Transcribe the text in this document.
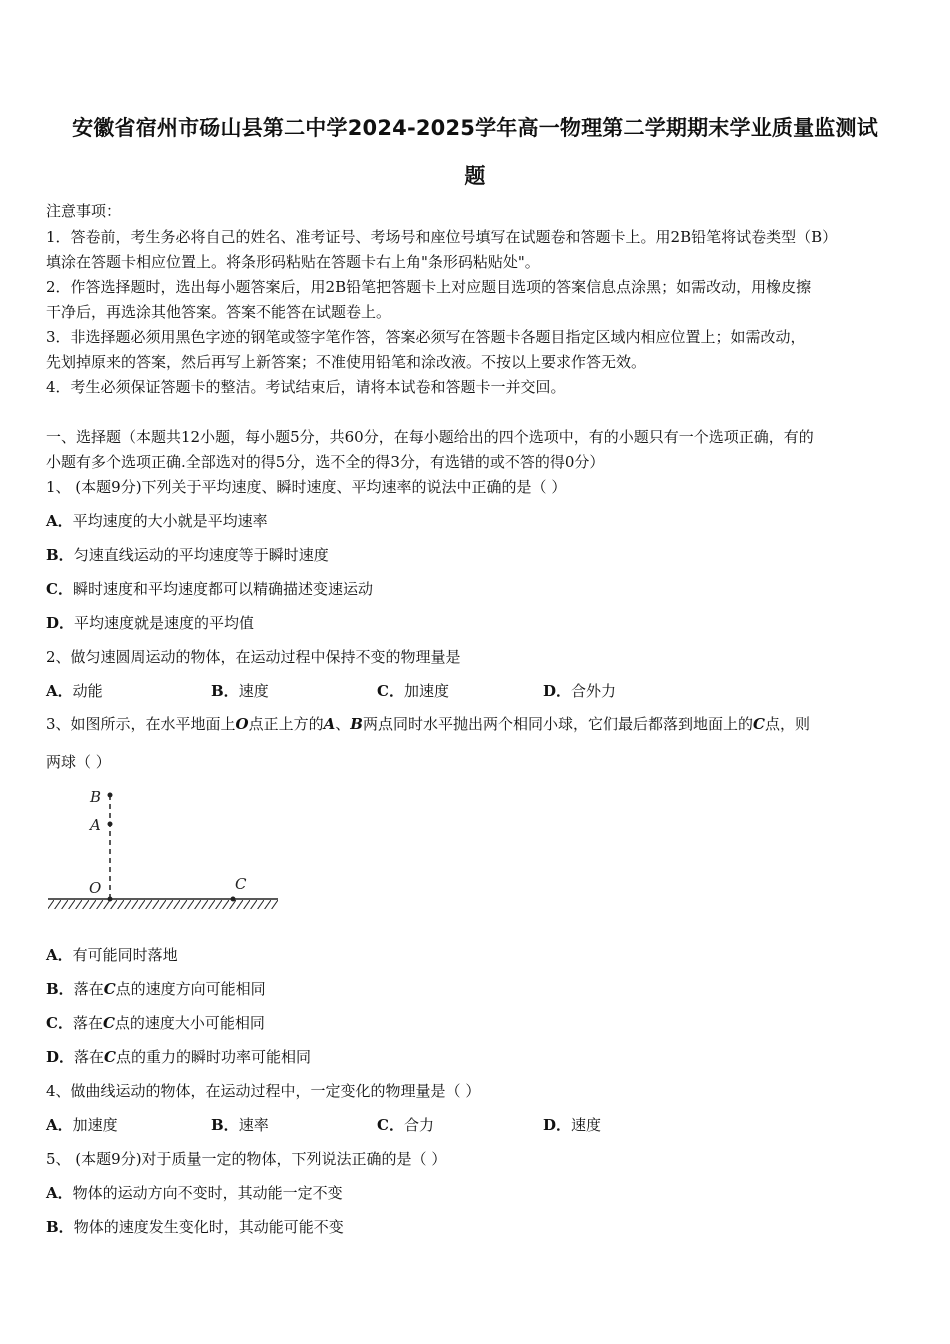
安徽省宿州市砀山县第二中学2024-2025学年高一物理第二学期期末学业质量监测试
题
注意事项：
1．答卷前，考生务必将自己的姓名、准考证号、考场号和座位号填写在试题卷和答题卡上。用2B铅笔将试卷类型（B）
填涂在答题卡相应位置上。将条形码粘贴在答题卡右上角"条形码粘贴处"。
2．作答选择题时，选出每小题答案后，用2B铅笔把答题卡上对应题目选项的答案信息点涂黑；如需改动，用橡皮擦
干净后，再选涂其他答案。答案不能答在试题卷上。
3．非选择题必须用黑色字迹的钢笔或签字笔作答，答案必须写在答题卡各题目指定区域内相应位置上；如需改动，
先划掉原来的答案，然后再写上新答案；不准使用铅笔和涂改液。不按以上要求作答无效。
4．考生必须保证答题卡的整洁。考试结束后，请将本试卷和答题卡一并交回。
一、选择题（本题共12小题，每小题5分，共60分，在每小题给出的四个选项中，有的小题只有一个选项正确，有的
小题有多个选项正确.全部选对的得5分，选不全的得3分，有选错的或不答的得0分）
1、 (本题9分)下列关于平均速度、瞬时速度、平均速率的说法中正确的是（ ）
A．平均速度的大小就是平均速率
B．匀速直线运动的平均速度等于瞬时速度
C．瞬时速度和平均速度都可以精确描述变速运动
D．平均速度就是速度的平均值
2、做匀速圆周运动的物体，在运动过程中保持不变的物理量是
A．动能	B．速度	C．加速度	D．合外力
3、如图所示，在水平地面上O点正上方的A、B两点同时水平抛出两个相同小球，它们最后都落到地面上的C点，则
两球（ ）
B
A
O	C
A．有可能同时落地
B．落在C点的速度方向可能相同
C．落在C点的速度大小可能相同
D．落在C点的重力的瞬时功率可能相同
4、做曲线运动的物体，在运动过程中，一定变化的物理量是（ ）
A．加速度	B．速率	C．合力	D．速度
5、 (本题9分)对于质量一定的物体，下列说法正确的是（ ）
A．物体的运动方向不变时，其动能一定不变
B．物体的速度发生变化时，其动能可能不变
